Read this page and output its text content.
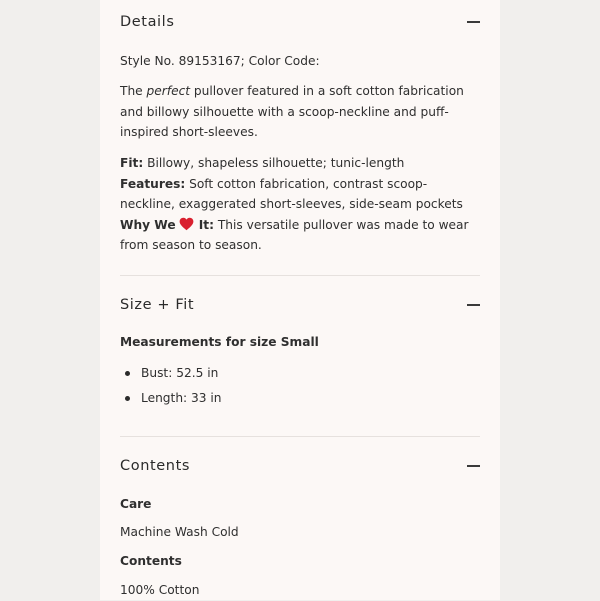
Details
Style No. 89153167; Color Code:
The perfect pullover featured in a soft cotton fabrication and billowy silhouette with a scoop-neckline and puff-inspired short-sleeves.
Fit: Billowy, shapeless silhouette; tunic-length
Features: Soft cotton fabrication, contrast scoop-neckline, exaggerated short-sleeves, side-seam pockets
Why We  It: This versatile pullover was made to wear from season to season.
Size + Fit
Measurements for size Small
Bust: 52.5 in
Length: 33 in
Contents
Care
Machine Wash Cold
Contents
100% Cotton
